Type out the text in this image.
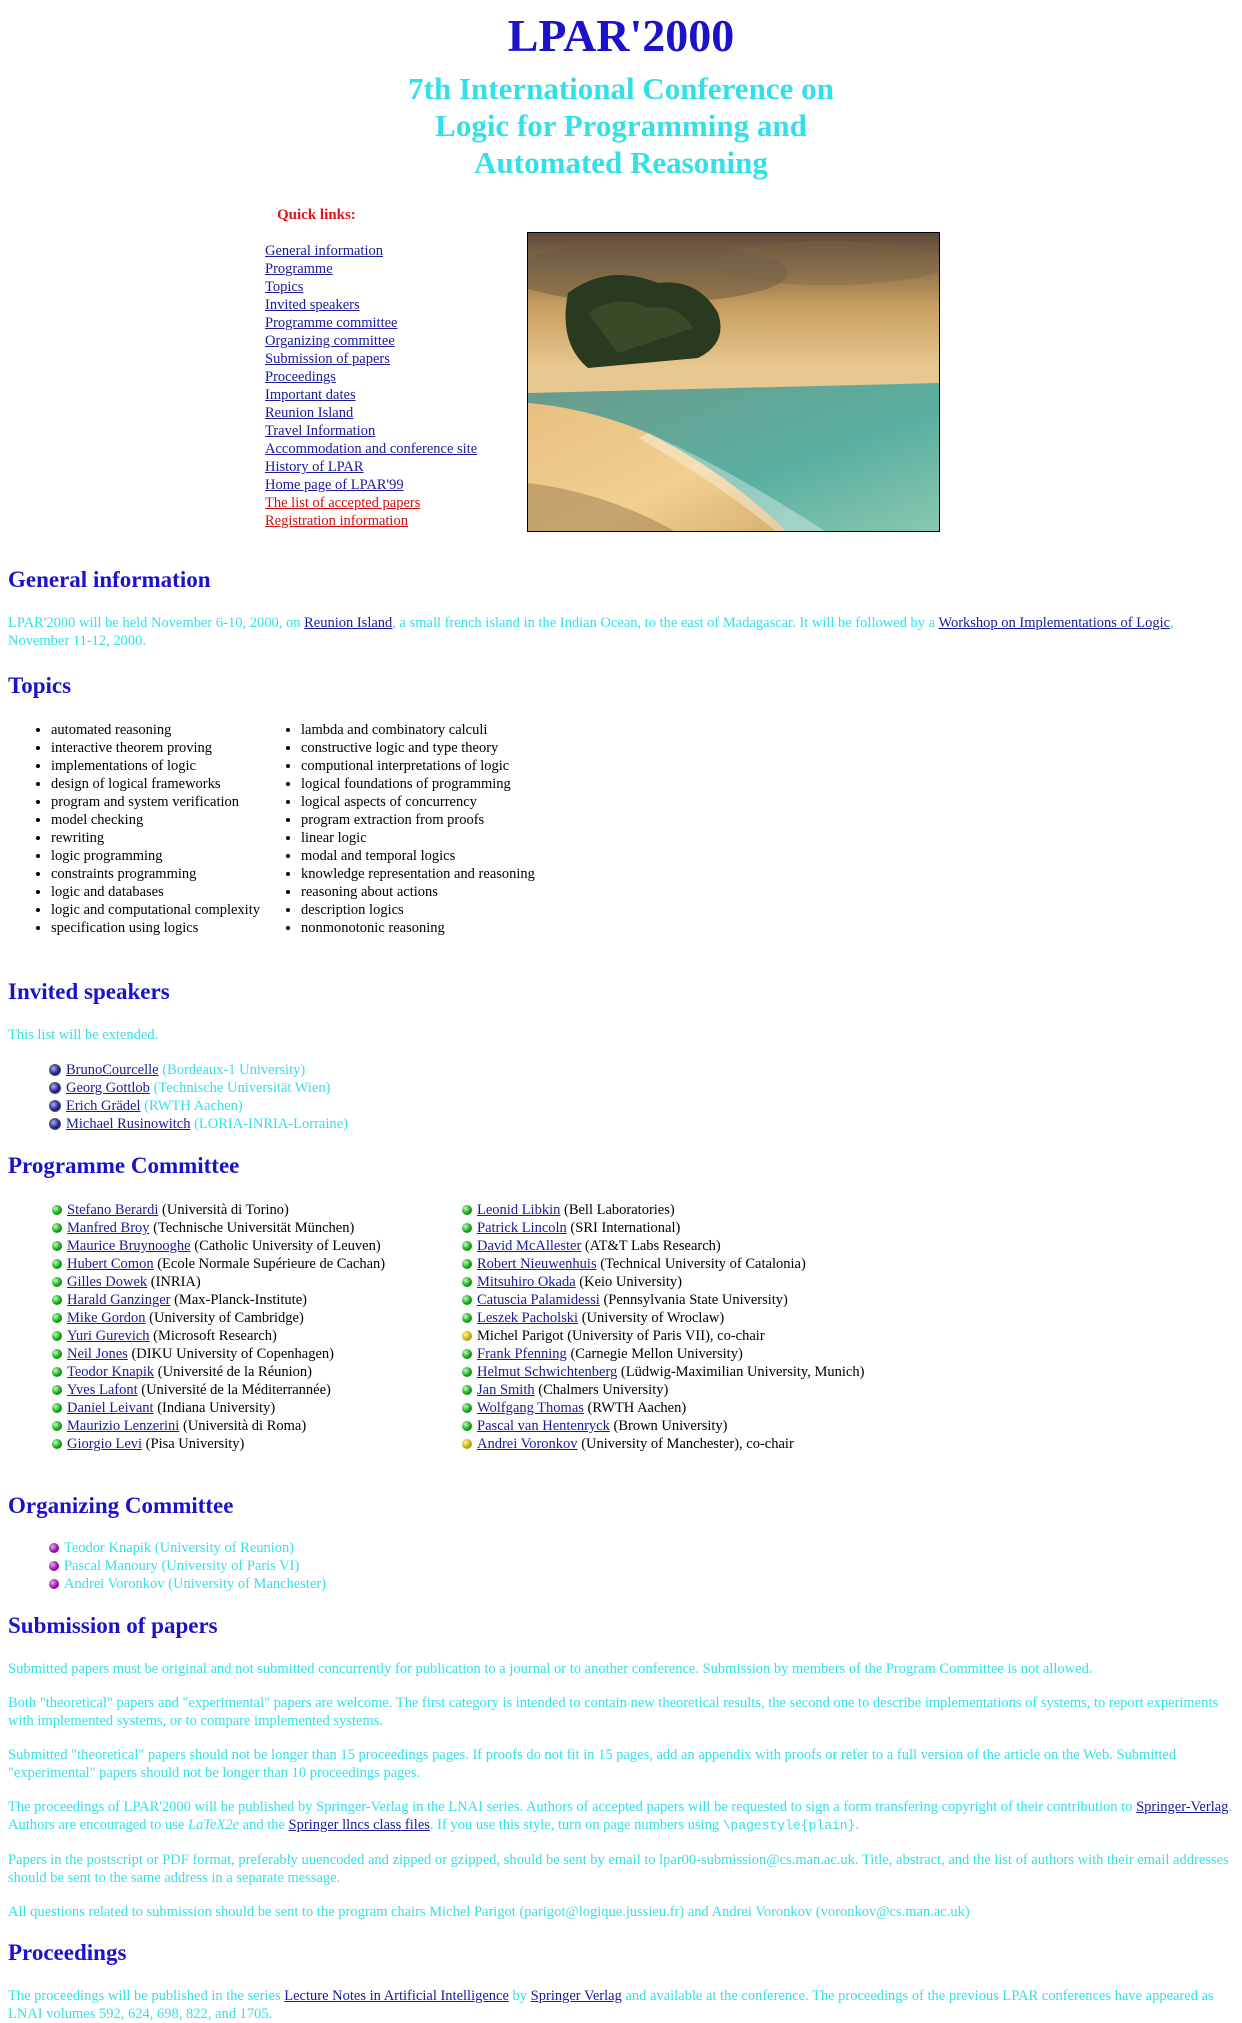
LPAR'2000
7th International Conference on
Logic for Programming and
Automated Reasoning
Quick links:
General information
Programme
Topics
Invited speakers
Programme committee
Organizing committee
Submission of papers
Proceedings
Important dates
Reunion Island
Travel Information
Accommodation and conference site
History of LPAR
Home page of LPAR'99
The list of accepted papers
Registration information
General information

LPAR'2000 will be held November 6-10, 2000, on Reunion Island, a small french island in the Indian Ocean, to the east of Madagascar. It will be followed by a Workshop on Implementations of Logic, November 11-12, 2000.

Topics
• automated reasoning
• interactive theorem proving
• implementations of logic
• design of logical frameworks
• program and system verification
• model checking
• rewriting
• logic programming
• constraints programming
• logic and databases
• logic and computational complexity
• specification using logics
• lambda and combinatory calculi
• constructive logic and type theory
• computional interpretations of logic
• logical foundations of programming
• logical aspects of concurrency
• program extraction from proofs
• linear logic
• modal and temporal logics
• knowledge representation and reasoning
• reasoning about actions
• description logics
• nonmonotonic reasoning
Invited speakers

This list will be extended.

BrunoCourcelle (Bordeaux-1 University)
Georg Gottlob (Technische Universität Wien)
Erich Grädel (RWTH Aachen)
Michael Rusinowitch (LORIA-INRIA-Lorraine)
Programme Committee
Stefano Berardi (Università di Torino)
Manfred Broy (Technische Universität München)
Maurice Bruynooghe (Catholic University of Leuven)
Hubert Comon (Ecole Normale Supérieure de Cachan)
Gilles Dowek (INRIA)
Harald Ganzinger (Max-Planck-Institute)
Mike Gordon (University of Cambridge)
Yuri Gurevich (Microsoft Research)
Neil Jones (DIKU University of Copenhagen)
Teodor Knapik (Université de la Réunion)
Yves Lafont (Université de la Méditerrannée)
Daniel Leivant (Indiana University)
Maurizio Lenzerini (Università di Roma)
Giorgio Levi (Pisa University)
Leonid Libkin (Bell Laboratories)
Patrick Lincoln (SRI International)
David McAllester (AT&T Labs Research)
Robert Nieuwenhuis (Technical University of Catalonia)
Mitsuhiro Okada (Keio University)
Catuscia Palamidessi (Pennsylvania State University)
Leszek Pacholski (University of Wroclaw)
Michel Parigot (University of Paris VII), co-chair
Frank Pfenning (Carnegie Mellon University)
Helmut Schwichtenberg (Lüdwig-Maximilian University, Munich)
Jan Smith (Chalmers University)
Wolfgang Thomas (RWTH Aachen)
Pascal van Hentenryck (Brown University)
Andrei Voronkov (University of Manchester), co-chair
Organizing Committee
Teodor Knapik (University of Reunion)
Pascal Manoury (University of Paris VI)
Andrei Voronkov (University of Manchester)
Submission of papers

Submitted papers must be original and not submitted concurrently for publication to a journal or to another conference. Submission by members of the Program Committee is not allowed.

Both "theoretical" papers and "experimental" papers are welcome. The first category is intended to contain new theoretical results, the second one to describe implementations of systems, to report experiments with implemented systems, or to compare implemented systems.

Submitted "theoretical" papers should not be longer than 15 proceedings pages. If proofs do not fit in 15 pages, add an appendix with proofs or refer to a full version of the article on the Web. Submitted "experimental" papers should not be longer than 10 proceedings pages.

The proceedings of LPAR'2000 will be published by Springer-Verlag in the LNAI series. Authors of accepted papers will be requested to sign a form transfering copyright of their contribution to Springer-Verlag. Authors are encouraged to use LaTeX2e and the Springer llncs class files. If you use this style, turn on page numbers using \pagestyle{plain}.

Papers in the postscript or PDF format, preferably uuencoded and zipped or gzipped, should be sent by email to lpar00-submission@cs.man.ac.uk. Title, abstract, and the list of authors with their email addresses should be sent to the same address in a separate message.

All questions related to submission should be sent to the program chairs Michel Parigot (parigot@logique.jussieu.fr) and Andrei Voronkov (voronkov@cs.man.ac.uk)

Proceedings

The proceedings will be published in the series Lecture Notes in Artificial Intelligence by Springer Verlag and available at the conference. The proceedings of the previous LPAR conferences have appeared as LNAI volumes 592, 624, 698, 822, and 1705.
